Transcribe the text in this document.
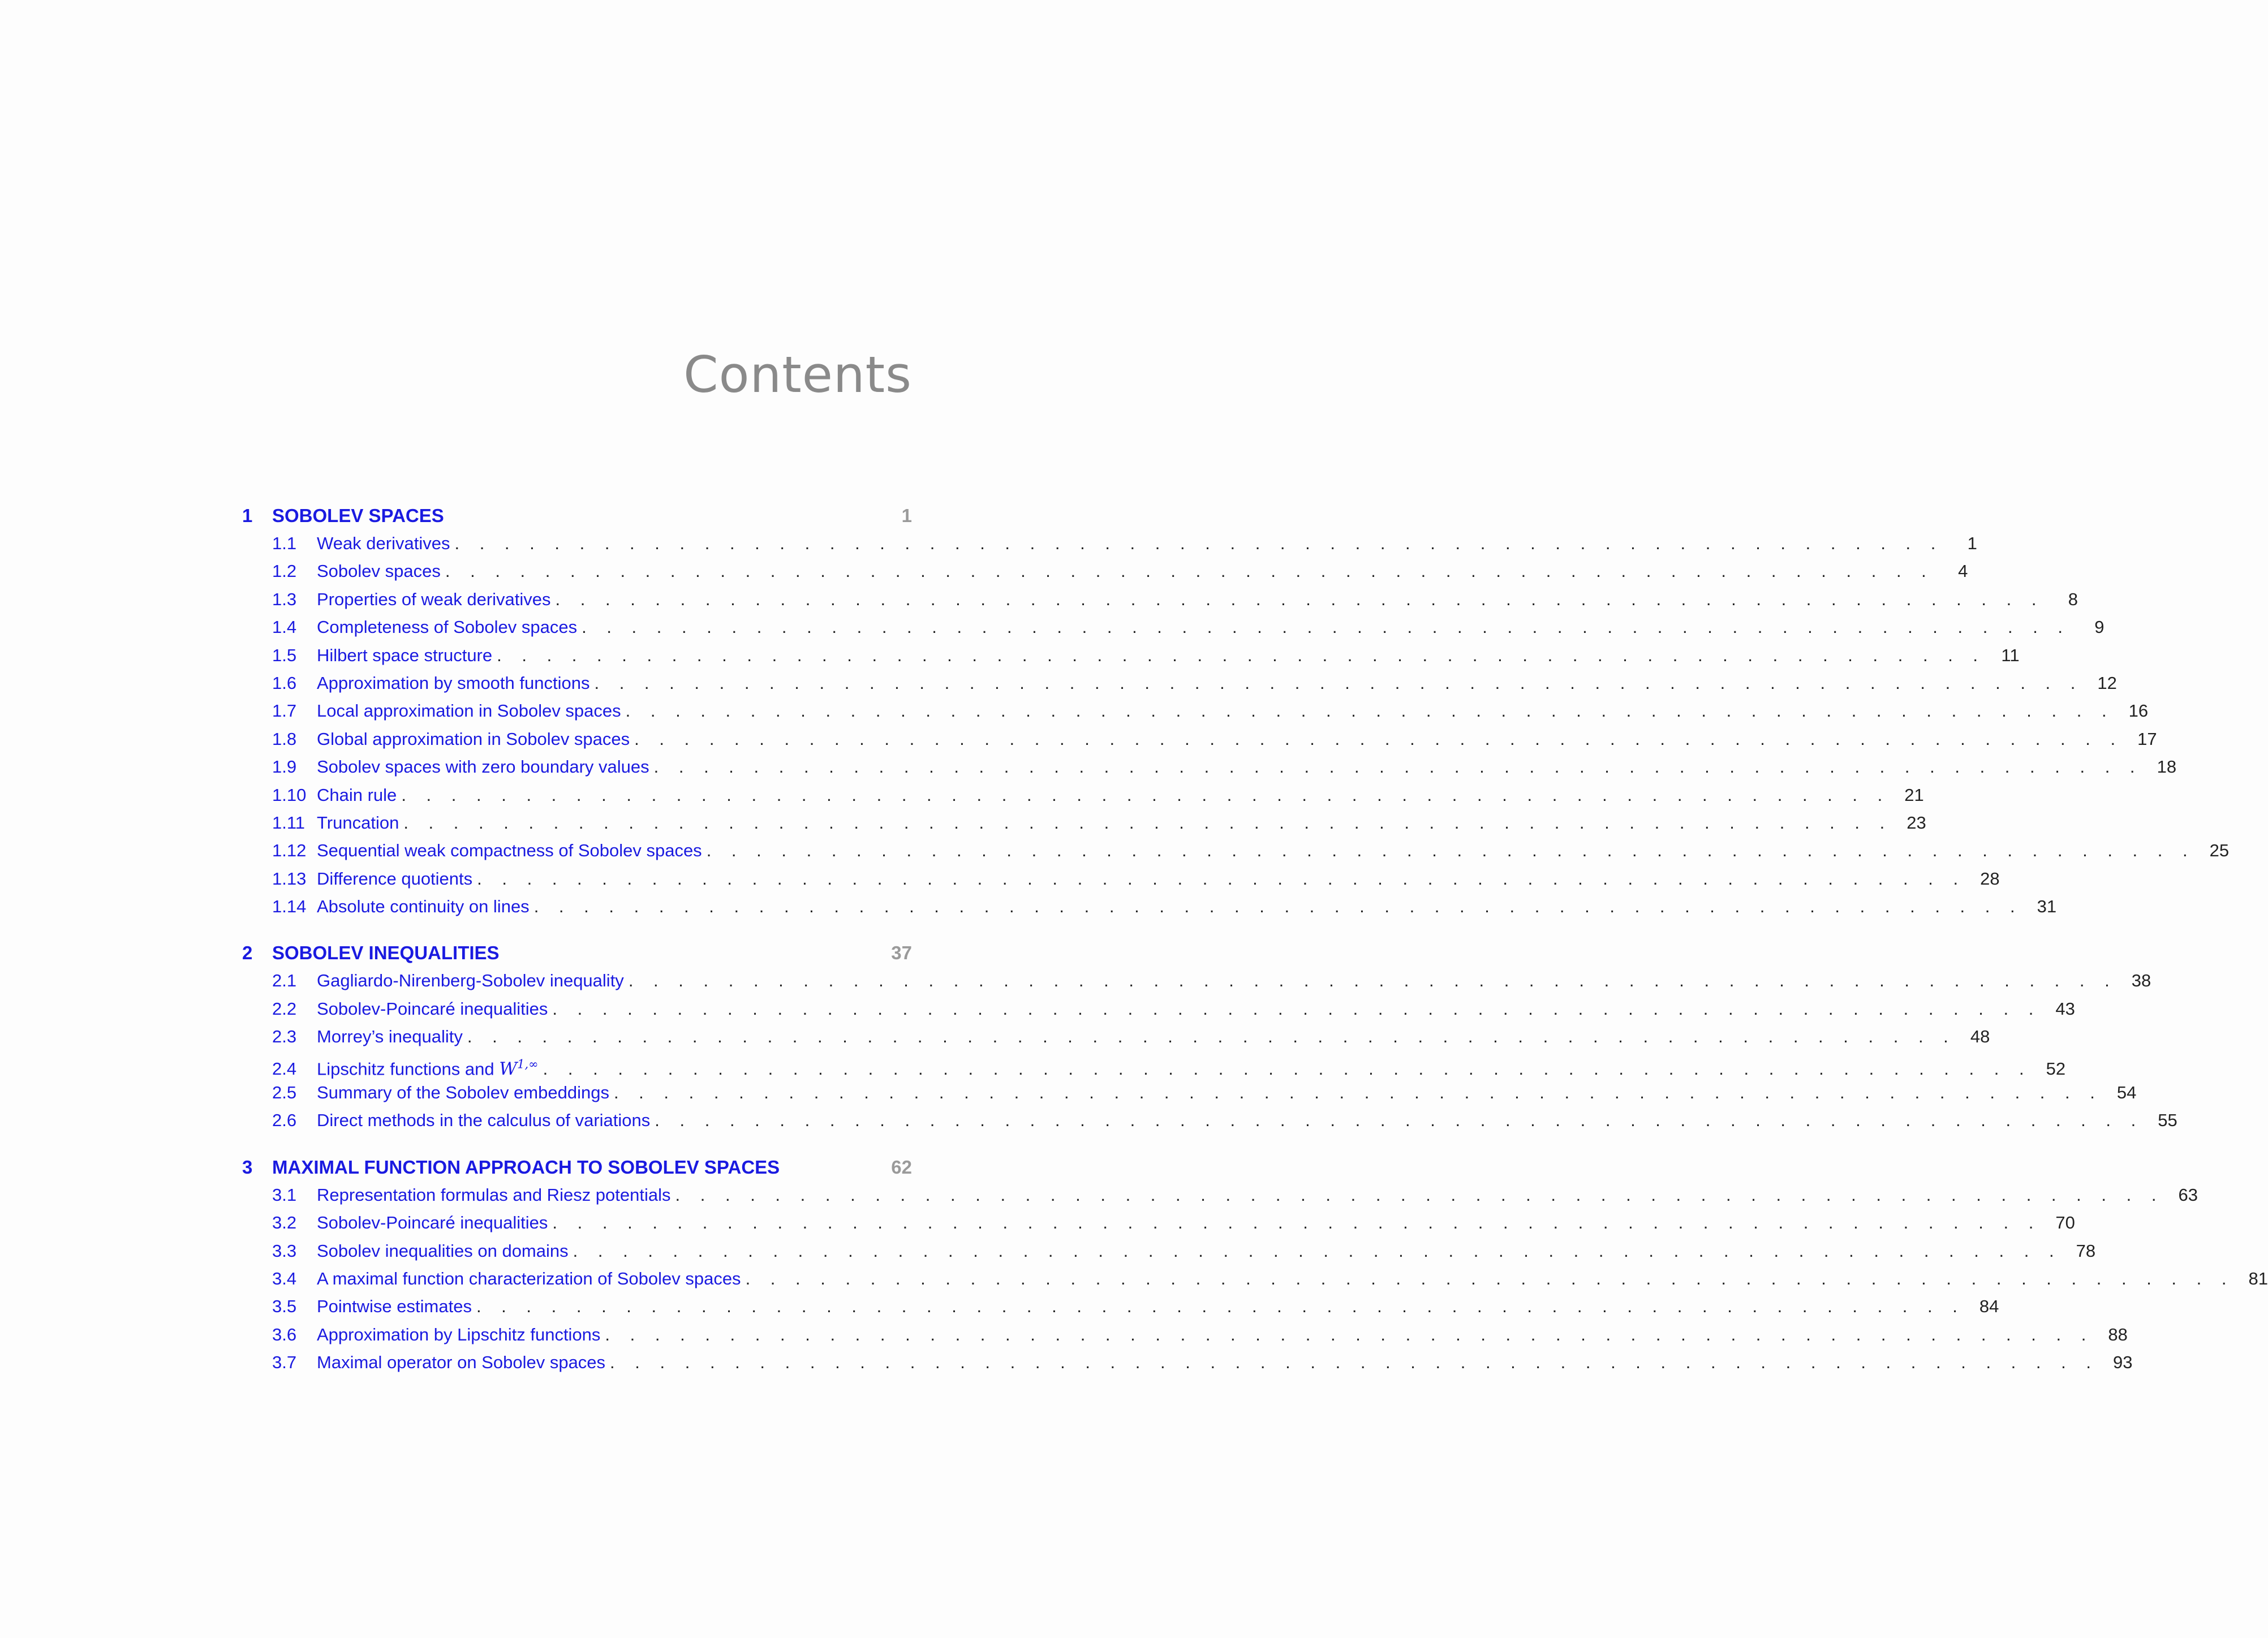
Contents
1	SOBOLEV SPACES	1
1.1	Weak derivatives . . . . . . . . . . . . . . . . . . . . . . . . . . . . . . . . . . . . . . . . . . . . . . . . . . . . . . . . . . . .	1
1.2	Sobolev spaces . . . . . . . . . . . . . . . . . . . . . . . . . . . . . . . . . . . . . . . . . . . . . . . . . . . . . . . . . . . .	4
1.3	Properties of weak derivatives . . . . . . . . . . . . . . . . . . . . . . . . . . . . . . . . . . . . . . . . . . . . . . . . . . . . . . . . . . . .	8
1.4	Completeness of Sobolev spaces . . . . . . . . . . . . . . . . . . . . . . . . . . . . . . . . . . . . . . . . . . . . . . . . . . . . . . . . . . . .	9
1.5	Hilbert space structure . . . . . . . . . . . . . . . . . . . . . . . . . . . . . . . . . . . . . . . . . . . . . . . . . . . . . . . . . . . . 11
1.6	Approximation by smooth functions . . . . . . . . . . . . . . . . . . . . . . . . . . . . . . . . . . . . . . . . . . . . . . . . . . . . . . . . . . . . 12
1.7	Local approximation in Sobolev spaces . . . . . . . . . . . . . . . . . . . . . . . . . . . . . . . . . . . . . . . . . . . . . . . . . . . . . . . . . . . . 16
1.8	Global approximation in Sobolev spaces . . . . . . . . . . . . . . . . . . . . . . . . . . . . . . . . . . . . . . . . . . . . . . . . . . . . . . . . . . . . 17
1.9	Sobolev spaces with zero boundary values . . . . . . . . . . . . . . . . . . . . . . . . . . . . . . . . . . . . . . . . . . . . . . . . . . . . . . . . . . . . 18
1.10 Chain rule . . . . . . . . . . . . . . . . . . . . . . . . . . . . . . . . . . . . . . . . . . . . . . . . . . . . . . . . . . . . 21
1.11 Truncation . . . . . . . . . . . . . . . . . . . . . . . . . . . . . . . . . . . . . . . . . . . . . . . . . . . . . . . . . . . . 23
1.12 Sequential weak compactness of Sobolev spaces . . . . . . . . . . . . . . . . . . . . . . . . . . . . . . . . . . . . . . . . . . . . . . . . . . . . . . . . . . . . 25
1.13 Difference quotients . . . . . . . . . . . . . . . . . . . . . . . . . . . . . . . . . . . . . . . . . . . . . . . . . . . . . . . . . . . . 28
1.14 Absolute continuity on lines . . . . . . . . . . . . . . . . . . . . . . . . . . . . . . . . . . . . . . . . . . . . . . . . . . . . . . . . . . . . 31
2	SOBOLEV INEQUALITIES	37
2.1	Gagliardo-Nirenberg-Sobolev inequality . . . . . . . . . . . . . . . . . . . . . . . . . . . . . . . . . . . . . . . . . . . . . . . . . . . . . . . . . . . . 38
2.2	Sobolev-Poincaré inequalities . . . . . . . . . . . . . . . . . . . . . . . . . . . . . . . . . . . . . . . . . . . . . . . . . . . . . . . . . . . . 43
2.3	Morrey’s inequality . . . . . . . . . . . . . . . . . . . . . . . . . . . . . . . . . . . . . . . . . . . . . . . . . . . . . . . . . . . . 48
2.4	Lipschitz functions and $W^{1,\infty}$ . . . . . . . . . . . . . . . . . . . . . . . . . . . . . . . . . . . . . . . . . . . . . . . . . . . . . . . . . . . . 52
2.5	Summary of the Sobolev embeddings . . . . . . . . . . . . . . . . . . . . . . . . . . . . . . . . . . . . . . . . . . . . . . . . . . . . . . . . . . . . 54
2.6	Direct methods in the calculus of variations . . . . . . . . . . . . . . . . . . . . . . . . . . . . . . . . . . . . . . . . . . . . . . . . . . . . . . . . . . . . 55
3	MAXIMAL FUNCTION APPROACH TO SOBOLEV SPACES	62
3.1	Representation formulas and Riesz potentials . . . . . . . . . . . . . . . . . . . . . . . . . . . . . . . . . . . . . . . . . . . . . . . . . . . . . . . . . . . . 63
3.2	Sobolev-Poincaré inequalities . . . . . . . . . . . . . . . . . . . . . . . . . . . . . . . . . . . . . . . . . . . . . . . . . . . . . . . . . . . . 70
3.3	Sobolev inequalities on domains . . . . . . . . . . . . . . . . . . . . . . . . . . . . . . . . . . . . . . . . . . . . . . . . . . . . . . . . . . . . 78
3.4	A maximal function characterization of Sobolev spaces . . . . . . . . . . . . . . . . . . . . . . . . . . . . . . . . . . . . . . . . . . . . . . . . . . . . . . . . . . . . 81
3.5	Pointwise estimates . . . . . . . . . . . . . . . . . . . . . . . . . . . . . . . . . . . . . . . . . . . . . . . . . . . . . . . . . . . . 84
3.6	Approximation by Lipschitz functions . . . . . . . . . . . . . . . . . . . . . . . . . . . . . . . . . . . . . . . . . . . . . . . . . . . . . . . . . . . . 88
3.7	Maximal operator on Sobolev spaces . . . . . . . . . . . . . . . . . . . . . . . . . . . . . . . . . . . . . . . . . . . . . . . . . . . . . . . . . . . . 93
